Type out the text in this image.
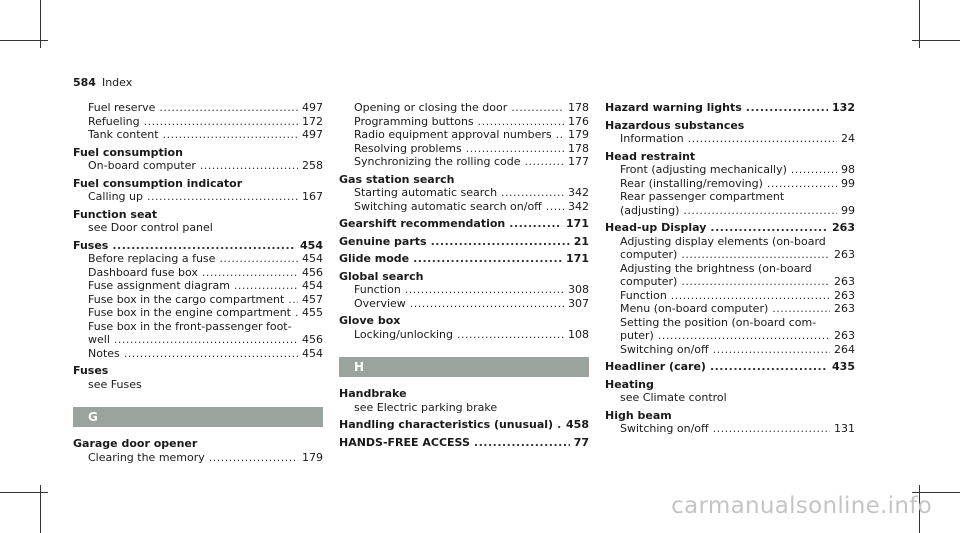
584 Index
Fuel reserve .....	497
Refueling .....	172
Tank content .....	497
Fuel consumption
On-board computer .....	258
Fuel consumption indicator
Calling up .....	167
Function seat
see Door control panel
Fuses .....	454
Before replacing a fuse .....	454
Dashboard fuse box .....	456
Fuse assignment diagram .....	454
Fuse box in the cargo compartment ..... 457
Fuse box in the engine compartment ..... 455
Fuse box in the front-passenger foot-
well .....	456
Notes .....	454
Fuses
see Fuses
G
Garage door opener
Clearing the memory .....	179
Opening or closing the door .....	178
Programming buttons .....	176
Radio equipment approval numbers ..... 179
Resolving problems .....	178
Synchronizing the rolling code .....	177
Gas station search
Starting automatic search .....	342
Switching automatic search on/off ..... 342
Gearshift recommendation .....	171
Genuine parts .....	21
Glide mode .....	171
Global search
Function .....	308
Overview .....	307
Glove box
Locking/unlocking .....	108
H
Handbrake
see Electric parking brake
Handling characteristics (unusual) ..... 458
HANDS-FREE ACCESS .....	77
Hazard warning lights .....	132
Hazardous substances
Information .....	24
Head restraint
Front (adjusting mechanically) .....	98
Rear (installing/removing) .....	99
Rear passenger compartment
(adjusting) .....	99
Head-up Display .....	263
Adjusting display elements (on-board
computer) .....	263
Adjusting the brightness (on-board
computer) .....	263
Function .....	263
Menu (on-board computer) .....	263
Setting the position (on-board com-
puter) .....	263
Switching on/off .....	264
Headliner (care) .....	435
Heating
see Climate control
High beam
Switching on/off .....	131
carmanualsonline.info
